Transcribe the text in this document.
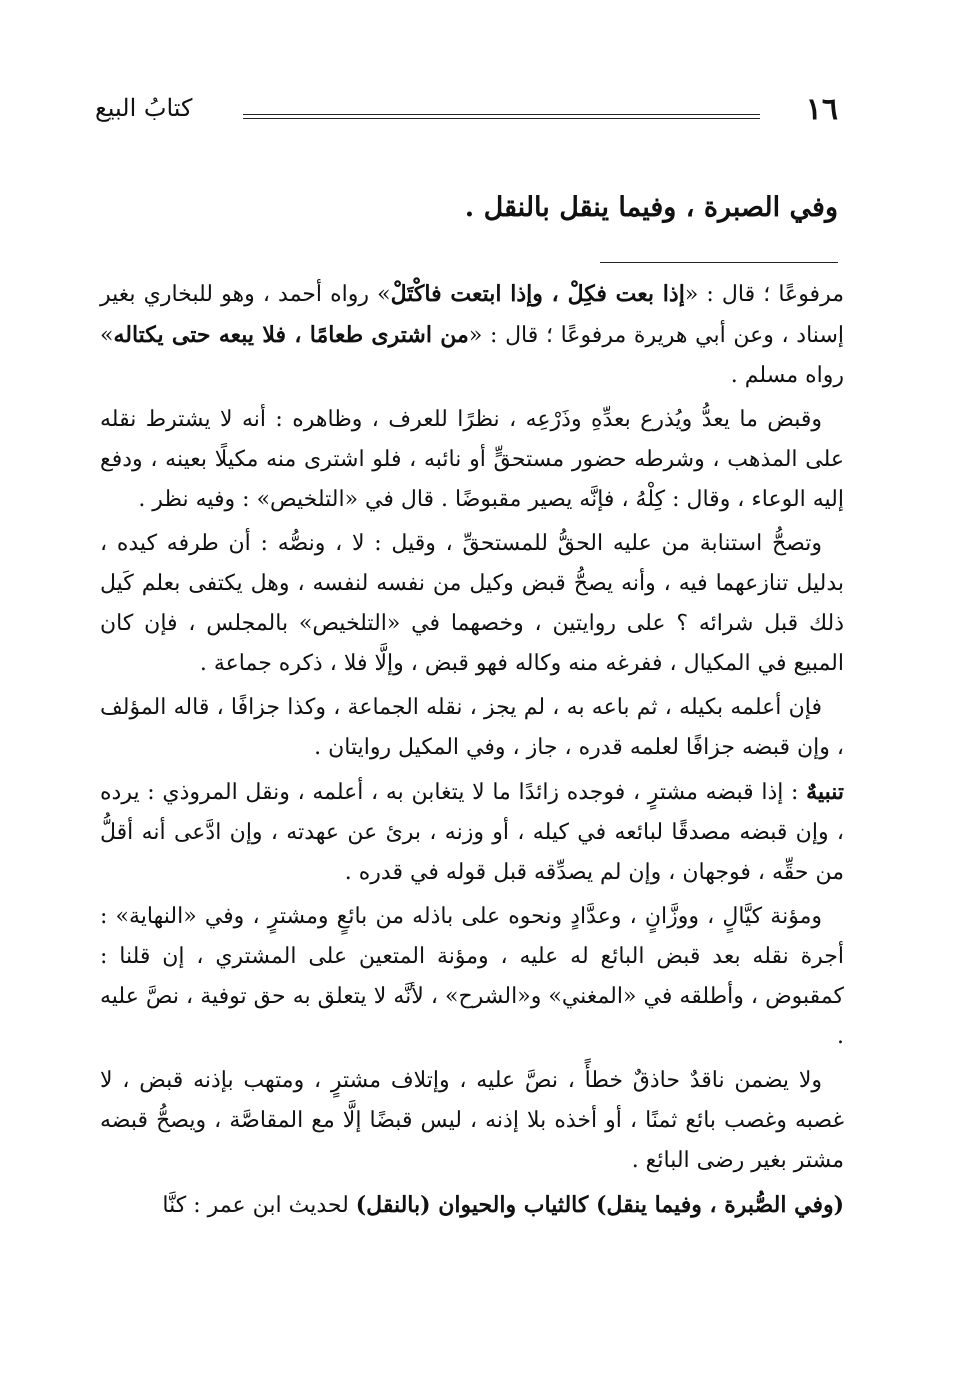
١٦
كتابُ البيع
وفي الصبرة ، وفيما ينقل بالنقل .

مرفوعًا ؛ قال : «إذا بعت فكِلْ ، وإذا ابتعت فاكْتَلْ» رواه أحمد ، وهو للبخاري بغير إسناد ، وعن أبي هريرة مرفوعًا ؛ قال : «من اشترى طعامًا ، فلا يبعه حتى يكتاله» رواه مسلم .

وقبض ما يعدُّ ويُذرع بعدِّهِ وذَرْعِه ، نظرًا للعرف ، وظاهره : أنه لا يشترط نقله على المذهب ، وشرطه حضور مستحقٍّ أو نائبه ، فلو اشترى منه مكيلًا بعينه ، ودفع إليه الوعاء ، وقال : كِلْهُ ، فإنَّه يصير مقبوضًا . قال في «التلخيص» : وفيه نظر .

وتصحُّ استنابة من عليه الحقُّ للمستحقِّ ، وقيل : لا ، ونصُّه : أن طرفه كيده ، بدليل تنازعهما فيه ، وأنه يصحُّ قبض وكيل من نفسه لنفسه ، وهل يكتفى بعلم كَيل ذلك قبل شرائه ؟ على روايتين ، وخصهما في «التلخيص» بالمجلس ، فإن كان المبيع في المكيال ، ففرغه منه وكاله فهو قبض ، وإلَّا فلا ، ذكره جماعة .

فإن أعلمه بكيله ، ثم باعه به ، لم يجز ، نقله الجماعة ، وكذا جزافًا ، قاله المؤلف ، وإن قبضه جزافًا لعلمه قدره ، جاز ، وفي المكيل روايتان .

تنبيهٌ : إذا قبضه مشترٍ ، فوجده زائدًا ما لا يتغابن به ، أعلمه ، ونقل المروذي : يرده ، وإن قبضه مصدقًا لبائعه في كيله ، أو وزنه ، برئ عن عهدته ، وإن ادَّعى أنه أقلُّ من حقِّه ، فوجهان ، وإن لم يصدِّقه قبل قوله في قدره .

ومؤنة كيَّالٍ ، ووزَّانٍ ، وعدَّادٍ ونحوه على باذله من بائعٍ ومشترٍ ، وفي «النهاية» : أجرة نقله بعد قبض البائع له عليه ، ومؤنة المتعين على المشتري ، إن قلنا : كمقبوض ، وأطلقه في «المغني» و«الشرح» ، لأنَّه لا يتعلق به حق توفية ، نصَّ عليه .

ولا يضمن ناقدٌ حاذقٌ خطأً ، نصَّ عليه ، وإتلاف مشترٍ ، ومتهب بإذنه قبض ، لا غصبه وغصب بائع ثمنًا ، أو أخذه بلا إذنه ، ليس قبضًا إلَّا مع المقاصَّة ، ويصحُّ قبضه مشتر بغير رضى البائع .

(وفي الصُّبرة ، وفيما ينقل) كالثياب والحيوان (بالنقل) لحديث ابن عمر : كنَّا
